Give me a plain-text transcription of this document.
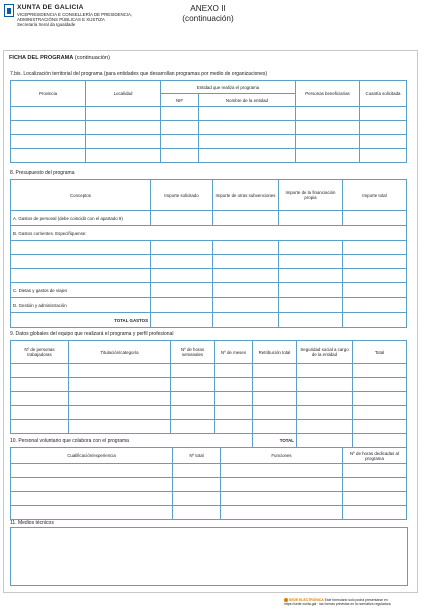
XUNTA DE GALICIA
VICEPRESIDENCIA E CONSELLERÍA DE PRESIDENCIA,
ADMINISTRACIÓNS PÚBLICAS E XUSTIZA
Secretaría Xeral da Igualdade
ANEXO II
(continuación)
FICHA DEL PROGRAMA (continuación)
7.bis. Localización territorial del programa (para entidades que desarrollan programas por medio de organizaciones)
Provincia	Localidad	Entidad que realiza el programa		Personas beneficiarias	Cuantía solicitada
		NIF	Nombre de la entidad		

8. Presupuesto del programa
Conceptos	Importe solicitado	Importe de otras subvenciones	Importe de la financiación propia	Importe total
A. Gastos de personal (debe coincidir con el apartado 9)				
B. Gastos corrientes. Especifíquense:				

C. Dietas y gastos de viajes				
D. Gestión y administración				
TOTAL GASTOS				
9. Datos globales del equipo que realizará el programa y perfil profesional
Nº de personas trabajadoras	Titulación/categoría	Nº de horas semanales	Nº de meses	Retribución total	Seguridad social a cargo de la entidad	Total

				TOTAL		
10. Personal voluntario que colabora con el programa
Cualificación/experiencia	Nº total	Funciones	Nº de horas dedicadas al programa

11. Medios técnicos
SEDE ELECTRÓNICA Este formulario solo podrá presentarse en https://sede.xunta.gal · las formas previstas en la normativa reguladora
